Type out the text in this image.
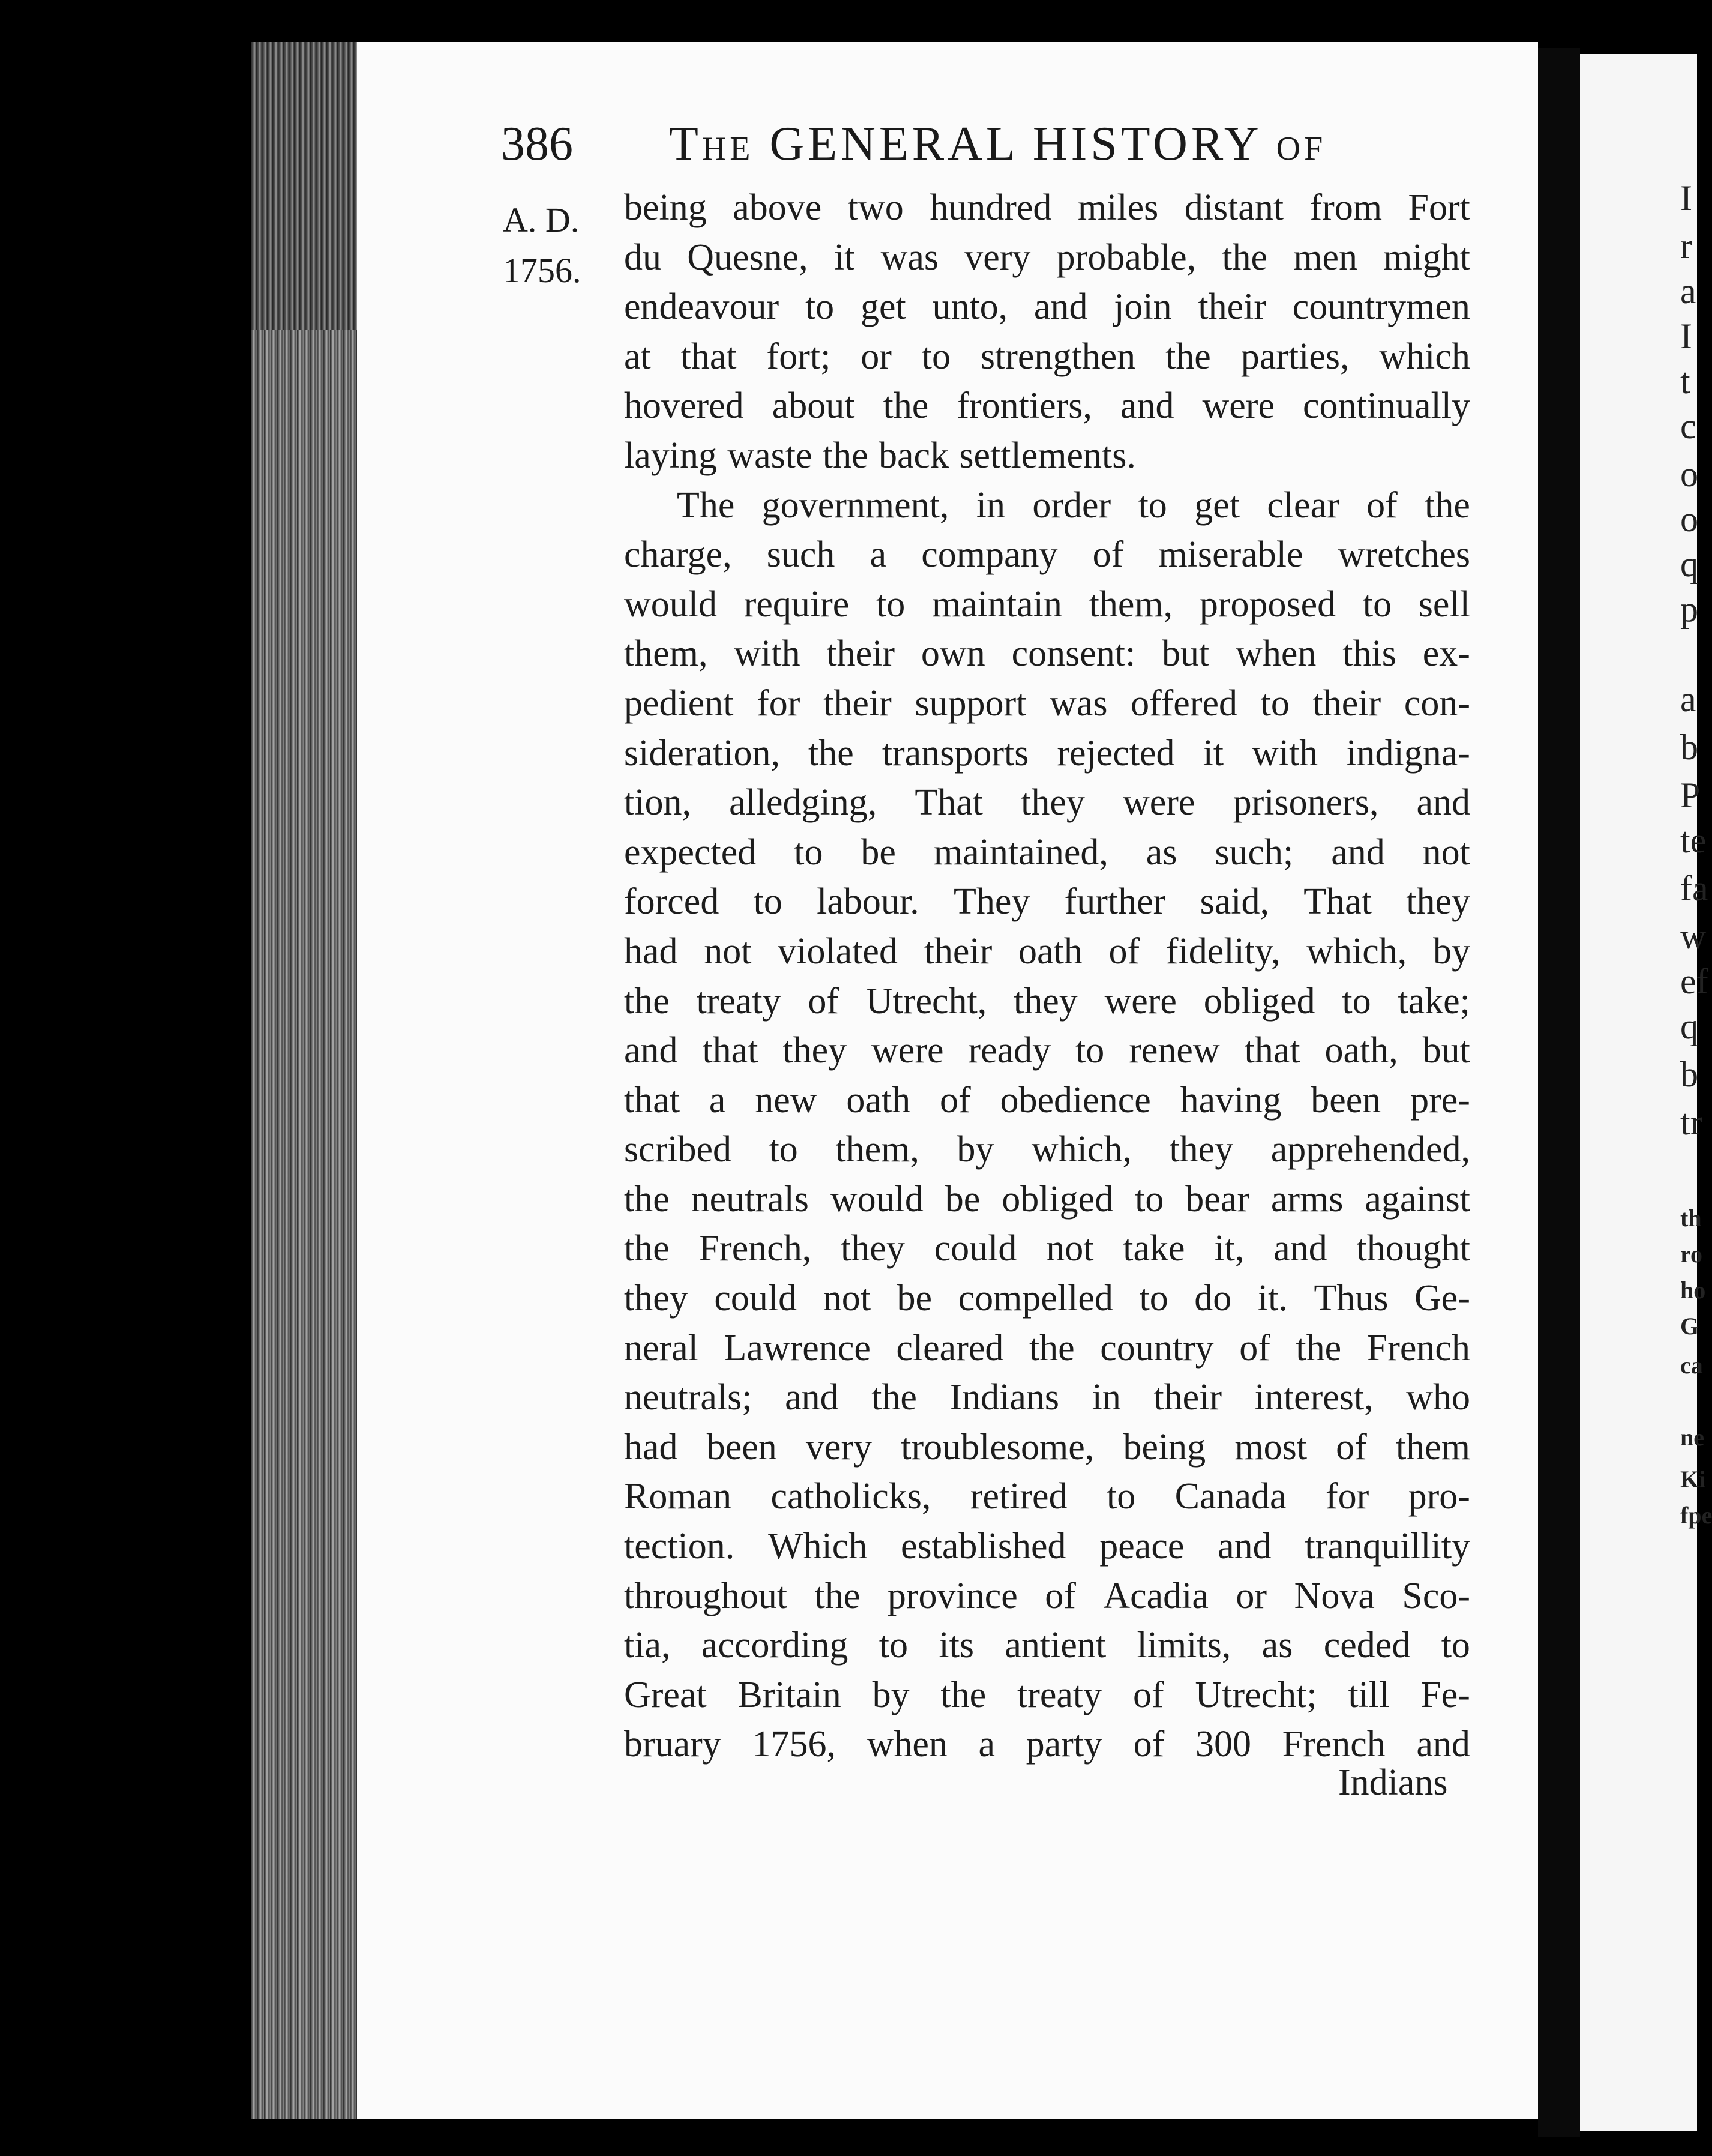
386 The GENERAL HISTORY of
A. D.
1756.
being above two hundred miles distant from Fort
du Quesne, it was very probable, the men might
endeavour to get unto, and join their countrymen
at that fort; or to strengthen the parties, which
hovered about the frontiers, and were continually
laying waste the back settlements.
The government, in order to get clear of the
charge, such a company of miserable wretches
would require to maintain them, proposed to sell
them, with their own consent: but when this ex-
pedient for their support was offered to their con-
sideration, the transports rejected it with indigna-
tion, alledging, That they were prisoners, and
expected to be maintained, as such; and not
forced to labour. They further said, That they
had not violated their oath of fidelity, which, by
the treaty of Utrecht, they were obliged to take;
and that they were ready to renew that oath, but
that a new oath of obedience having been pre-
scribed to them, by which, they apprehended,
the neutrals would be obliged to bear arms against
the French, they could not take it, and thought
they could not be compelled to do it. Thus Ge-
neral Lawrence cleared the country of the French
neutrals; and the Indians in their interest, who
had been very troublesome, being most of them
Roman catholicks, retired to Canada for pro-
tection. Which established peace and tranquillity
throughout the province of Acadia or Nova Sco-
tia, according to its antient limits, as ceded to
Great Britain by the treaty of Utrecht; till Fe-
bruary 1756, when a party of 300 French and
Indians
I
r
a
I
t
c
o
o
q
p
a
b
P
te
fa
w
ef
q
b
tr
th
ro
ho
G
ca
ne
Ki
fpe
